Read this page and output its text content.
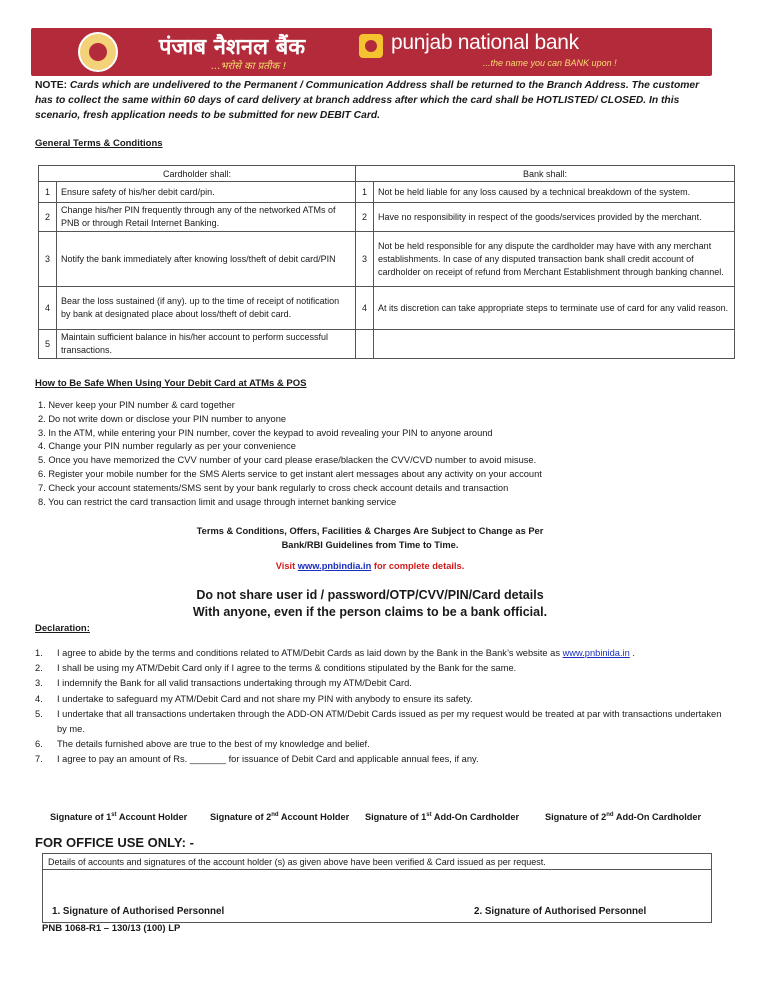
पंजाब नैशनल बैंक
...भरोसे का प्रतीक !
punjab national bank
...the name you can BANK upon !
NOTE: Cards which are undelivered to the Permanent / Communication Address shall be returned to the Branch Address. The customer has to collect the same within 60 days of card delivery at branch address after which the card shall be HOTLISTED/ CLOSED. In this scenario, fresh application needs to be submitted for new DEBIT Card.
General Terms & Conditions
Cardholder shall:		Bank shall:	
1	Ensure safety of his/her debit card/pin.	1	Not be held liable for any loss caused by a technical breakdown of the system.
2	Change his/her PIN frequently through any of the networked ATMs of PNB or through Retail Internet Banking.	2	Have no responsibility in respect of the goods/services provided by the merchant.
3	Notify the bank immediately after knowing loss/theft of debit card/PIN	3	Not be held responsible for any dispute the cardholder may have with any merchant establishments. In case of any disputed transaction bank shall credit account of cardholder on receipt of refund from Merchant Establishment through banking channel.
4	Bear the loss sustained (if any). up to the time of receipt of notification by bank at designated place about loss/theft of debit card.	4	At its discretion can take appropriate steps to terminate use of card for any valid reason.
5	Maintain sufficient balance in his/her account to perform successful transactions.		
How to Be Safe When Using Your Debit Card at ATMs & POS
1. Never keep your PIN number & card together
2. Do not write down or disclose your PIN number to anyone
3. In the ATM, while entering your PIN number, cover the keypad to avoid revealing your PIN to anyone around
4. Change your PIN number regularly as per your convenience
5. Once you have memorized the CVV number of your card please erase/blacken the CVV/CVD number to avoid misuse.
6. Register your mobile number for the SMS Alerts service to get instant alert messages about any activity on your account
7. Check your account statements/SMS sent by your bank regularly to cross check account details and transaction
8. You can restrict the card transaction limit and usage through internet banking service
Terms & Conditions, Offers, Facilities & Charges Are Subject to Change as Per
Bank/RBI Guidelines from Time to Time.
Visit www.pnbindia.in for complete details.
Do not share user id / password/OTP/CVV/PIN/Card details
With anyone, even if the person claims to be a bank official.
Declaration:
1.	I agree to abide by the terms and conditions related to ATM/Debit Cards as laid down by the Bank in the Bank’s website as www.pnbinida.in .
2.	I shall be using my ATM/Debit Card only if I agree to the terms & conditions stipulated by the Bank for the same.
3.	I indemnify the Bank for all valid transactions undertaking through my ATM/Debit Card.
4.	I undertake to safeguard my ATM/Debit Card and not share my PIN with anybody to ensure its safety.
5.	I undertake that all transactions undertaken through the ADD-ON ATM/Debit Cards issued as per my request would be treated at par with transactions undertaken by me.
6.	The details furnished above are true to the best of my knowledge and belief.
7.	I agree to pay an amount of Rs. _______ for issuance of Debit Card and applicable annual fees, if any.
Signature of 1st Account Holder Signature of 2nd Account Holder Signature of 1st Add-On Cardholder	Signature of 2nd Add-On Cardholder
FOR OFFICE USE ONLY: -
Details of accounts and signatures of the account holder (s) as given above have been verified & Card issued as per request.
1. Signature of Authorised Personnel	2. Signature of Authorised Personnel
PNB 1068-R1 – 130/13 (100) LP
